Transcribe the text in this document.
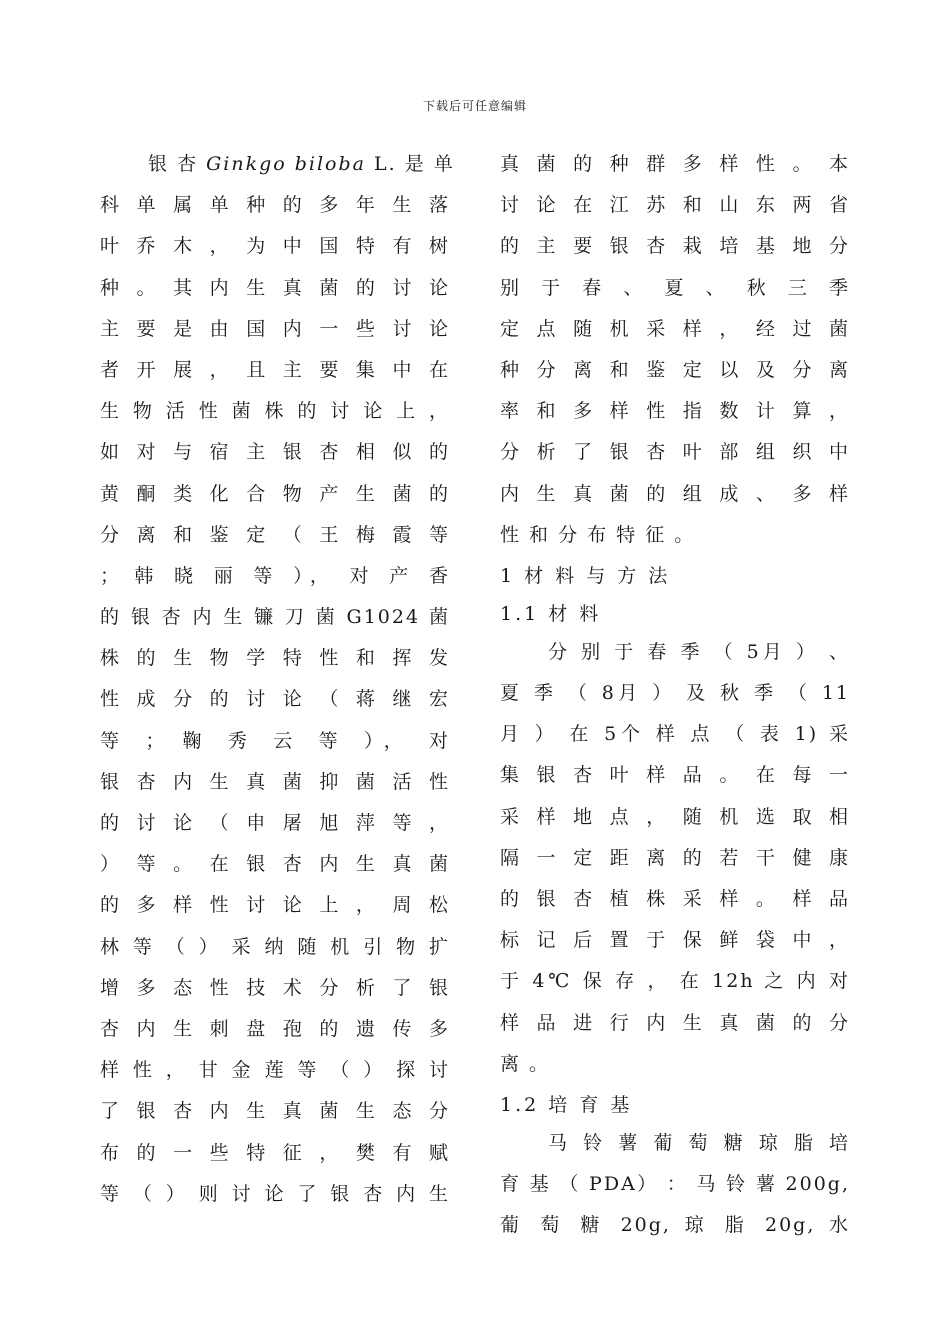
下载后可任意编辑
银 杏 Ginkgo biloba L. 是 单
科 单 属 单 种 的 多 年 生 落
叶 乔 木 ， 为 中 国 特 有 树
种 。 其 内 生 真 菌 的 讨 论
主 要 是 由 国 内 一 些 讨 论
者 开 展 ， 且 主 要 集 中 在
生 物 活 性 菌 株 的 讨 论 上 ，
如 对 与 宿 主 银 杏 相 似 的
黄 酮 类 化 合 物 产 生 菌 的
分 离 和 鉴 定 （ 王 梅 霞 等
； 韩 晓 丽 等 ）， 对 产 香
的 银 杏 内 生 镰 刀 菌 G1024 菌
株 的 生 物 学 特 性 和 挥 发
性 成 分 的 讨 论 （ 蒋 继 宏
等 ； 鞠 秀 云 等 ）， 对
银 杏 内 生 真 菌 抑 菌 活 性
的 讨 论 （ 申 屠 旭 萍 等 ，
） 等 。 在 银 杏 内 生 真 菌
的 多 样 性 讨 论 上 ， 周 松
林 等 （ ） 采 纳 随 机 引 物 扩
增 多 态 性 技 术 分 析 了 银
杏 内 生 刺 盘 孢 的 遗 传 多
样 性 ， 甘 金 莲 等 （ ） 探 讨
了 银 杏 内 生 真 菌 生 态 分
布 的 一 些 特 征 ， 樊 有 赋
等 （ ） 则 讨 论 了 银 杏 内 生
真 菌 的 种 群 多 样 性 。 本
讨 论 在 江 苏 和 山 东 两 省
的 主 要 银 杏 栽 培 基 地 分
别 于 春 、 夏 、 秋 三 季
定 点 随 机 采 样 ， 经 过 菌
种 分 离 和 鉴 定 以 及 分 离
率 和 多 样 性 指 数 计 算 ，
分 析 了 银 杏 叶 部 组 织 中
内 生 真 菌 的 组 成 、 多 样
性 和 分 布 特 征 。
1 材 料 与 方 法
1.1 材 料
分 别 于 春 季 （ 5月 ） 、
夏 季 （ 8月 ） 及 秋 季 （ 11
月 ） 在 5个 样 点 （ 表 1) 采
集 银 杏 叶 样 品 。 在 每 一
采 样 地 点 ， 随 机 选 取 相
隔 一 定 距 离 的 若 干 健 康
的 银 杏 植 株 采 样 。 样 品
标 记 后 置 于 保 鲜 袋 中 ，
于 4℃ 保 存 ， 在 12h 之 内 对
样 品 进 行 内 生 真 菌 的 分
离 。
1.2 培 育 基
马 铃 薯 葡 萄 糖 琼 脂 培
育 基 （ PDA） ： 马 铃 薯 200g,
葡 萄 糖 20g, 琼 脂 20g, 水
